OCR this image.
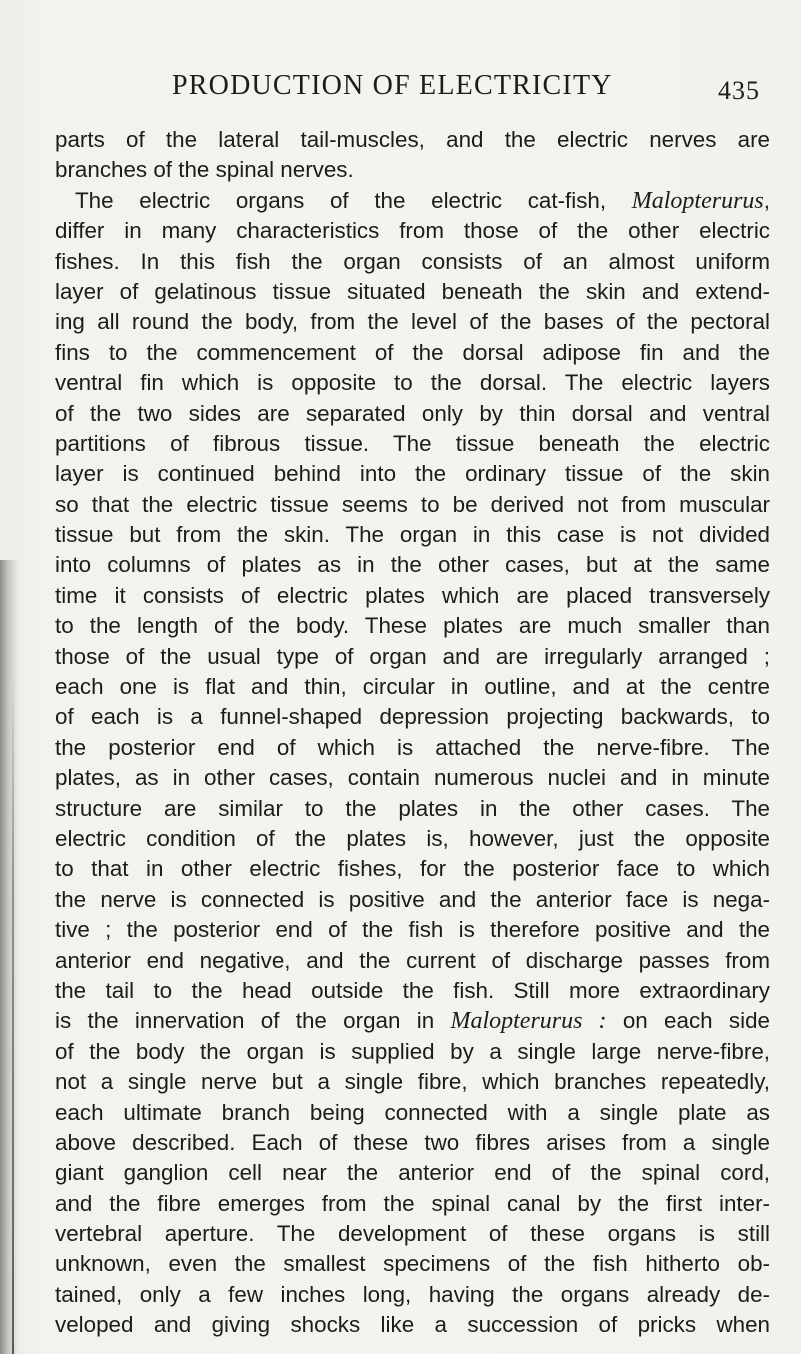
PRODUCTION OF ELECTRICITY	435
parts of the lateral tail-muscles, and the electric nerves are
branches of the spinal nerves.
The electric organs of the electric cat-fish, Malopterurus,
differ in many characteristics from those of the other electric
fishes. In this fish the organ consists of an almost uniform
layer of gelatinous tissue situated beneath the skin and extend-
ing all round the body, from the level of the bases of the pectoral
fins to the commencement of the dorsal adipose fin and the
ventral fin which is opposite to the dorsal. The electric layers
of the two sides are separated only by thin dorsal and ventral
partitions of fibrous tissue. The tissue beneath the electric
layer is continued behind into the ordinary tissue of the skin
so that the electric tissue seems to be derived not from muscular
tissue but from the skin. The organ in this case is not divided
into columns of plates as in the other cases, but at the same
time it consists of electric plates which are placed transversely
to the length of the body. These plates are much smaller than
those of the usual type of organ and are irregularly arranged ;
each one is flat and thin, circular in outline, and at the centre
of each is a funnel-shaped depression projecting backwards, to
the posterior end of which is attached the nerve-fibre. The
plates, as in other cases, contain numerous nuclei and in minute
structure are similar to the plates in the other cases. The
electric condition of the plates is, however, just the opposite
to that in other electric fishes, for the posterior face to which
the nerve is connected is positive and the anterior face is nega-
tive ; the posterior end of the fish is therefore positive and the
anterior end negative, and the current of discharge passes from
the tail to the head outside the fish. Still more extraordinary
is the innervation of the organ in Malopterurus : on each side
of the body the organ is supplied by a single large nerve-fibre,
not a single nerve but a single fibre, which branches repeatedly,
each ultimate branch being connected with a single plate as
above described. Each of these two fibres arises from a single
giant ganglion cell near the anterior end of the spinal cord,
and the fibre emerges from the spinal canal by the first inter-
vertebral aperture. The development of these organs is still
unknown, even the smallest specimens of the fish hitherto ob-
tained, only a few inches long, having the organs already de-
veloped and giving shocks like a succession of pricks when
